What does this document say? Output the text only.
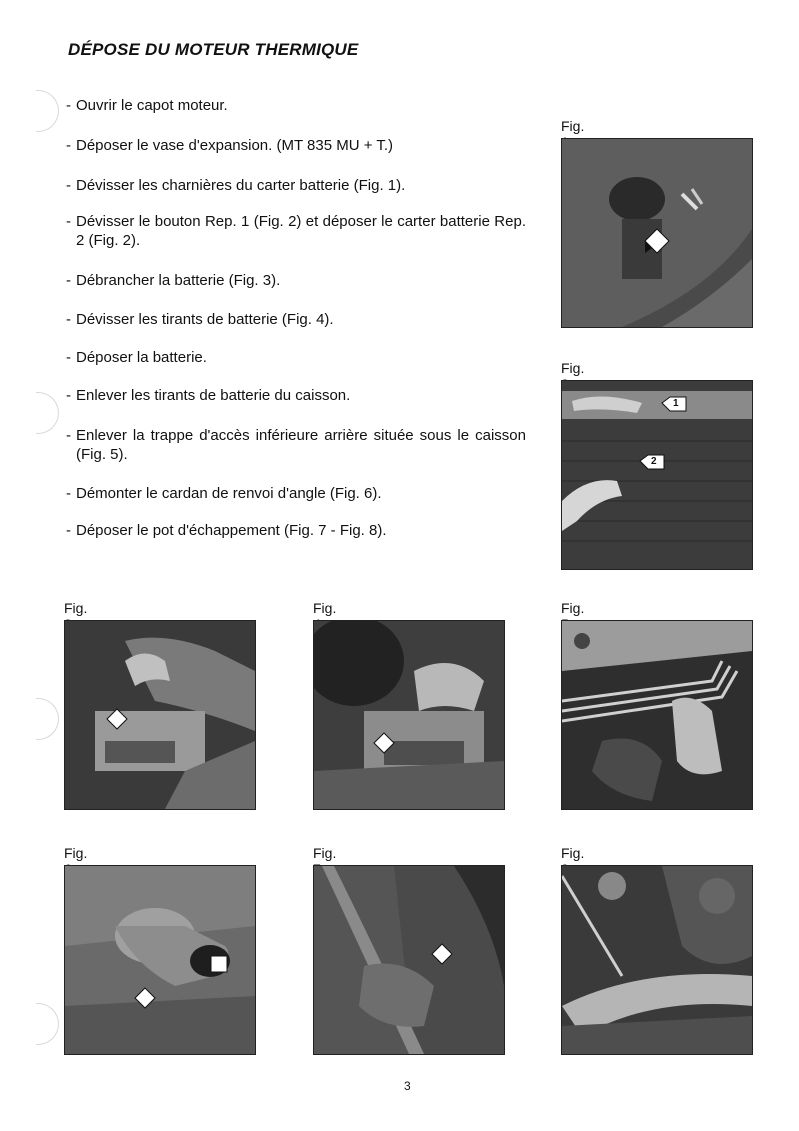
DÉPOSE DU MOTEUR THERMIQUE
- Ouvrir le capot moteur.
- Déposer le vase d'expansion. (MT 835 MU + T.)
- Dévisser les charnières du carter batterie (Fig. 1).
- Dévisser le bouton Rep. 1 (Fig. 2) et déposer le carter batterie Rep. 2 (Fig. 2).
- Débrancher la batterie (Fig. 3).
- Dévisser les tirants de batterie (Fig. 4).
- Déposer la batterie.
- Enlever les tirants de batterie du caisson.
- Enlever la trappe d'accès inférieure arrière située sous le caisson (Fig. 5).
- Démonter le cardan de renvoi d'angle (Fig. 6).
- Déposer le pot d'échappement (Fig. 7 - Fig. 8).
Fig.
Fig.
1
2
Fig.	Fig.	Fig.
Fig.	Fig.	Fig.
3
